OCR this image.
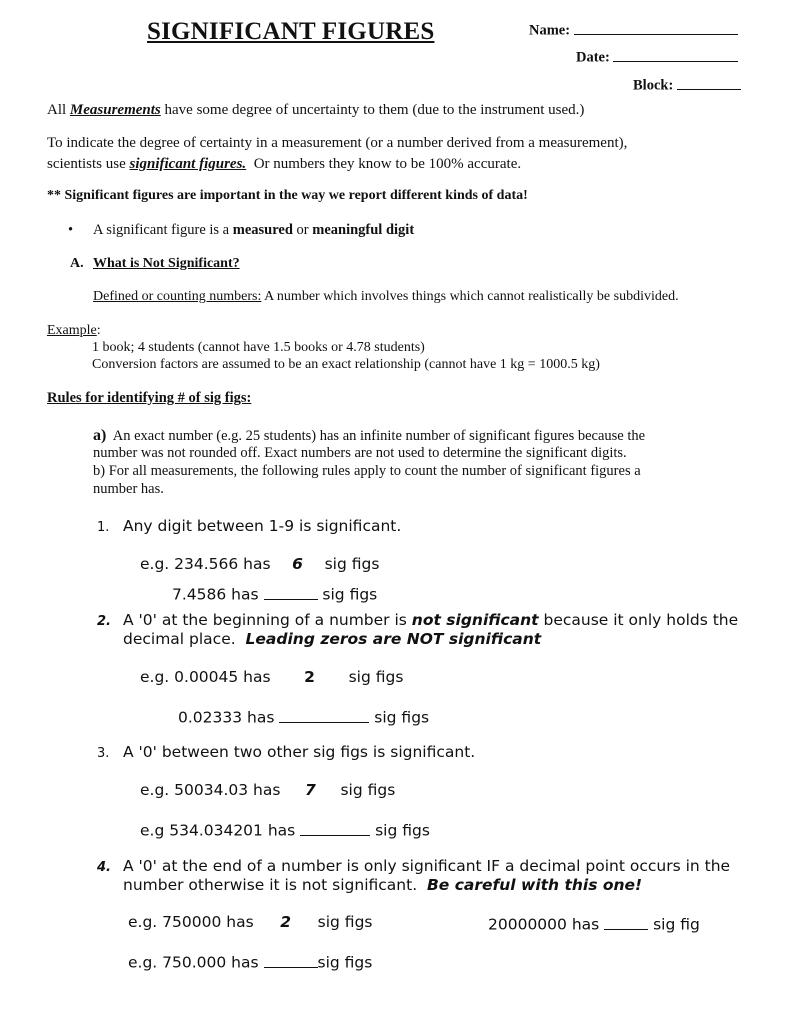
SIGNIFICANT FIGURES	Name:
Date:
Block:
All Measurements have some degree of uncertainty to them (due to the instrument used.)
To indicate the degree of certainty in a measurement (or a number derived from a measurement),
scientists use significant figures.  Or numbers they know to be 100% accurate.
** Significant figures are important in the way we report different kinds of data!
• A significant figure is a measured or meaningful digit
A. What is Not Significant?
Defined or counting numbers: A number which involves things which cannot realistically be subdivided.
Example:
1 book; 4 students (cannot have 1.5 books or 4.78 students)
Conversion factors are assumed to be an exact relationship (cannot have 1 kg = 1000.5 kg)
Rules for identifying # of sig figs:
a)  An exact number (e.g. 25 students) has an infinite number of significant figures because the
number was not rounded off. Exact numbers are not used to determine the significant digits.
b) For all measurements, the following rules apply to count the number of significant figures a
number has.
1. Any digit between 1-9 is significant.
e.g. 234.566 has 6 sig figs
7.4586 has	sig figs
2. A '0' at the beginning of a number is not significant because it only holds the
decimal place.  Leading zeros are NOT significant
e.g. 0.00045 has 2 sig figs
0.02333 has	sig figs
3. A '0' between two other sig figs is significant.
e.g. 50034.03 has 7 sig figs
e.g 534.034201 has	sig figs
4. A '0' at the end of a number is only significant IF a decimal point occurs in the
number otherwise it is not significant.  Be careful with this one!
e.g. 750000 has 2 sig figs	20000000 has	sig fig
e.g. 750.000 has	sig figs
